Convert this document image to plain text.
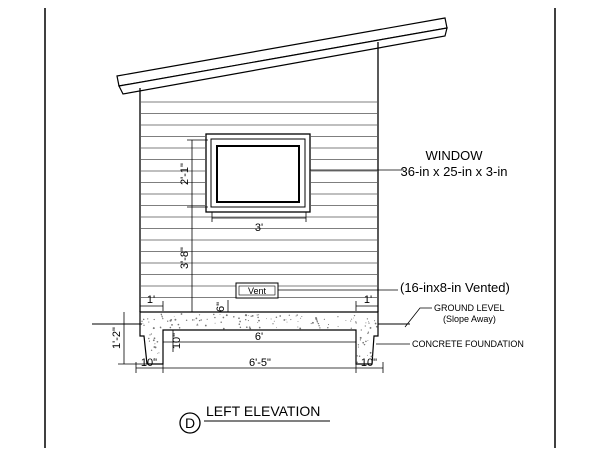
3'
2'-1"
3'-8"
WINDOW
36-in x 25-in x 3-in
Vent	(16-inx8-in Vented)
6"
1'	1'
6'
10"
1'-2"
10"	6'-5"	10"
GROUND LEVEL
(Slope Away)
CONCRETE FOUNDATION
D
LEFT ELEVATION
